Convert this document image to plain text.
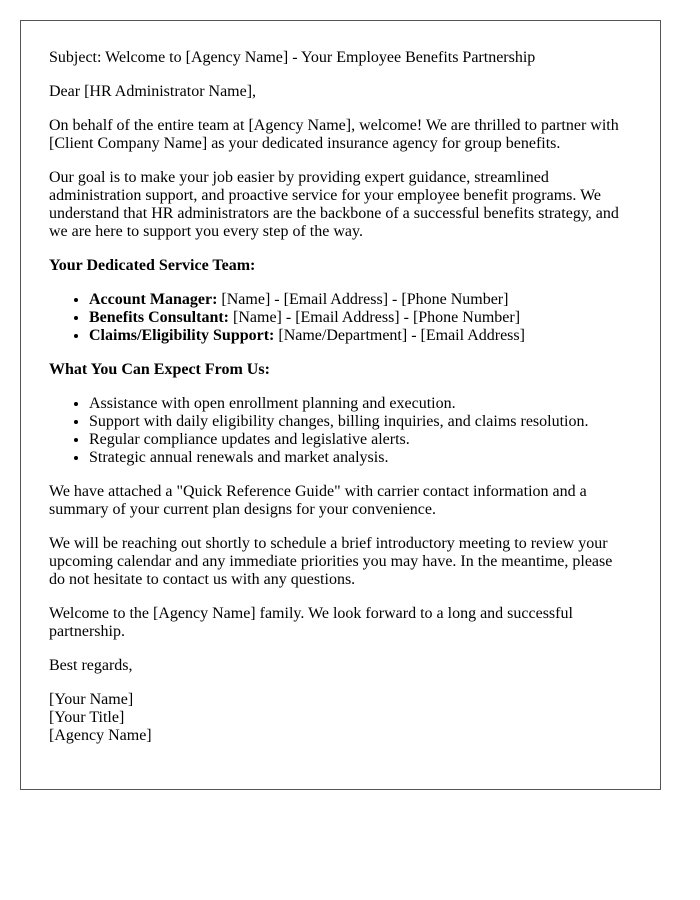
Subject: Welcome to [Agency Name] - Your Employee Benefits Partnership

Dear [HR Administrator Name],

On behalf of the entire team at [Agency Name], welcome! We are thrilled to partner with [Client Company Name] as your dedicated insurance agency for group benefits.

Our goal is to make your job easier by providing expert guidance, streamlined administration support, and proactive service for your employee benefit programs. We understand that HR administrators are the backbone of a successful benefits strategy, and we are here to support you every step of the way.

Your Dedicated Service Team:

• Account Manager: [Name] - [Email Address] - [Phone Number]
• Benefits Consultant: [Name] - [Email Address] - [Phone Number]
• Claims/Eligibility Support: [Name/Department] - [Email Address]

What You Can Expect From Us:

• Assistance with open enrollment planning and execution.
• Support with daily eligibility changes, billing inquiries, and claims resolution.
• Regular compliance updates and legislative alerts.
• Strategic annual renewals and market analysis.

We have attached a "Quick Reference Guide" with carrier contact information and a summary of your current plan designs for your convenience.

We will be reaching out shortly to schedule a brief introductory meeting to review your upcoming calendar and any immediate priorities you may have. In the meantime, please do not hesitate to contact us with any questions.

Welcome to the [Agency Name] family. We look forward to a long and successful partnership.

Best regards,

[Your Name]
[Your Title]
[Agency Name]
